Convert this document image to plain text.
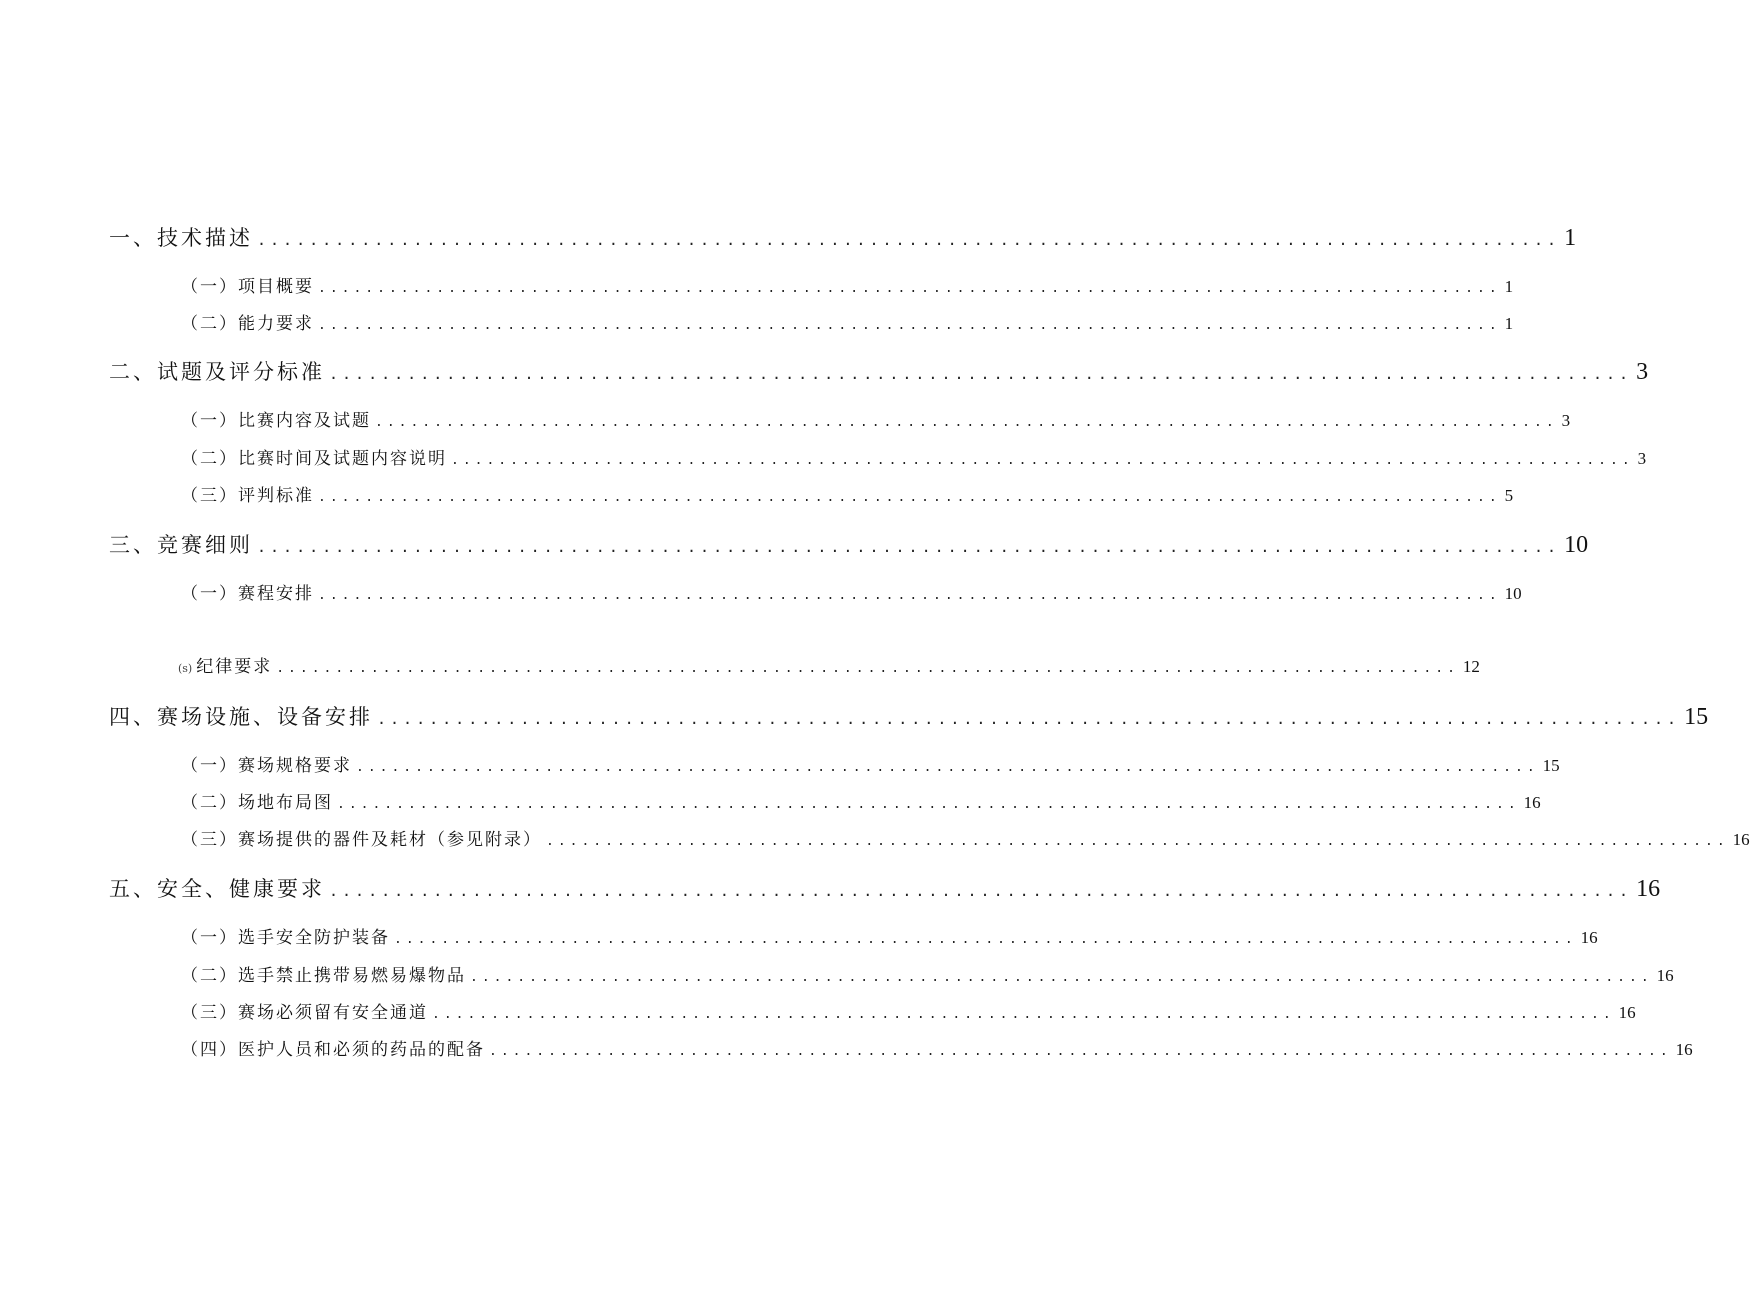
一、技术描述 .................................................................................................... 1
（一）项目概要 .................................................................................................... 1
（二）能力要求 .................................................................................................... 1
二、试题及评分标准 .................................................................................................... 3
（一）比赛内容及试题 .................................................................................................... 3
（二）比赛时间及试题内容说明 .................................................................................................... 3
（三）评判标准 .................................................................................................... 5
三、竞赛细则 .................................................................................................... 10
（一）赛程安排 .................................................................................................... 10
(s) 纪律要求 .................................................................................................... 12
四、赛场设施、设备安排 .................................................................................................... 15
（一）赛场规格要求 .................................................................................................... 15
（二）场地布局图 .................................................................................................... 16
（三）赛场提供的器件及耗材（参见附录） .................................................................................................... 16
五、安全、健康要求 .................................................................................................... 16
（一）选手安全防护装备 .................................................................................................... 16
（二）选手禁止携带易燃易爆物品 .................................................................................................... 16
（三）赛场必须留有安全通道 .................................................................................................... 16
（四）医护人员和必须的药品的配备 .................................................................................................... 16
